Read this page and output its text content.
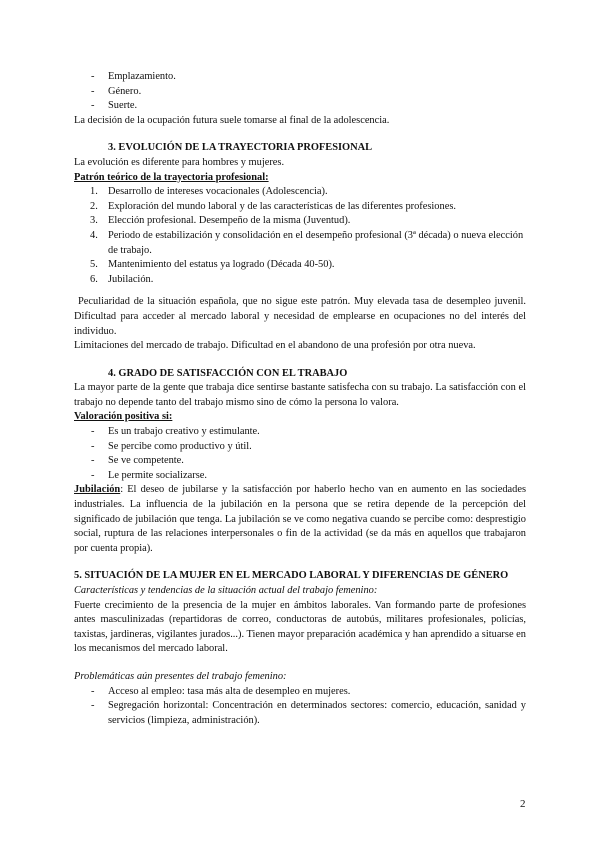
- Emplazamiento.
- Género.
- Suerte.

La decisión de la ocupación futura suele tomarse al final de la adolescencia.

3. EVOLUCIÓN DE LA TRAYECTORIA PROFESIONAL

La evolución es diferente para hombres y mujeres.

Patrón teórico de la trayectoria profesional:

1. Desarrollo de intereses vocacionales (Adolescencia).
2. Exploración del mundo laboral y de las características de las diferentes profesiones.
3. Elección profesional. Desempeño de la misma (Juventud).
4. Periodo de estabilización y consolidación en el desempeño profesional (3ª década) o nueva elección de trabajo.
5. Mantenimiento del estatus ya logrado (Década 40-50).
6. Jubilación.

Peculiaridad de la situación española, que no sigue este patrón. Muy elevada tasa de desempleo juvenil. Dificultad para acceder al mercado laboral y necesidad de emplearse en ocupaciones no del interés del individuo.

Limitaciones del mercado de trabajo. Dificultad en el abandono de una profesión por otra nueva.

4. GRADO DE SATISFACCIÓN CON EL TRABAJO

La mayor parte de la gente que trabaja dice sentirse bastante satisfecha con su trabajo. La satisfacción con el trabajo no depende tanto del trabajo mismo sino de cómo la persona lo valora.

Valoración positiva si:

- Es un trabajo creativo y estimulante.
- Se percibe como productivo y útil.
- Se ve competente.
- Le permite socializarse.

Jubilación: El deseo de jubilarse y la satisfacción por haberlo hecho van en aumento en las sociedades industriales. La influencia de la jubilación en la persona que se retira depende de la percepción del significado de jubilación que tenga. La jubilación se ve como negativa cuando se percibe como: desprestigio social, ruptura de las relaciones interpersonales o fin de la actividad (se da más en aquellos que trabajaron por cuenta propia).

5. SITUACIÓN DE LA MUJER EN EL MERCADO LABORAL Y DIFERENCIAS DE GÉNERO

Características y tendencias de la situación actual del trabajo femenino:

Fuerte crecimiento de la presencia de la mujer en ámbitos laborales. Van formando parte de profesiones antes masculinizadas (repartidoras de correo, conductoras de autobús, militares profesionales, policías, taxistas, jardineras, vigilantes jurados...). Tienen mayor preparación académica y han aprendido a situarse en los mecanismos del mercado laboral.

Problemáticas aún presentes del trabajo femenino:

- Acceso al empleo: tasa más alta de desempleo en mujeres.
- Segregación horizontal: Concentración en determinados sectores: comercio, educación, sanidad y servicios (limpieza, administración).
2
